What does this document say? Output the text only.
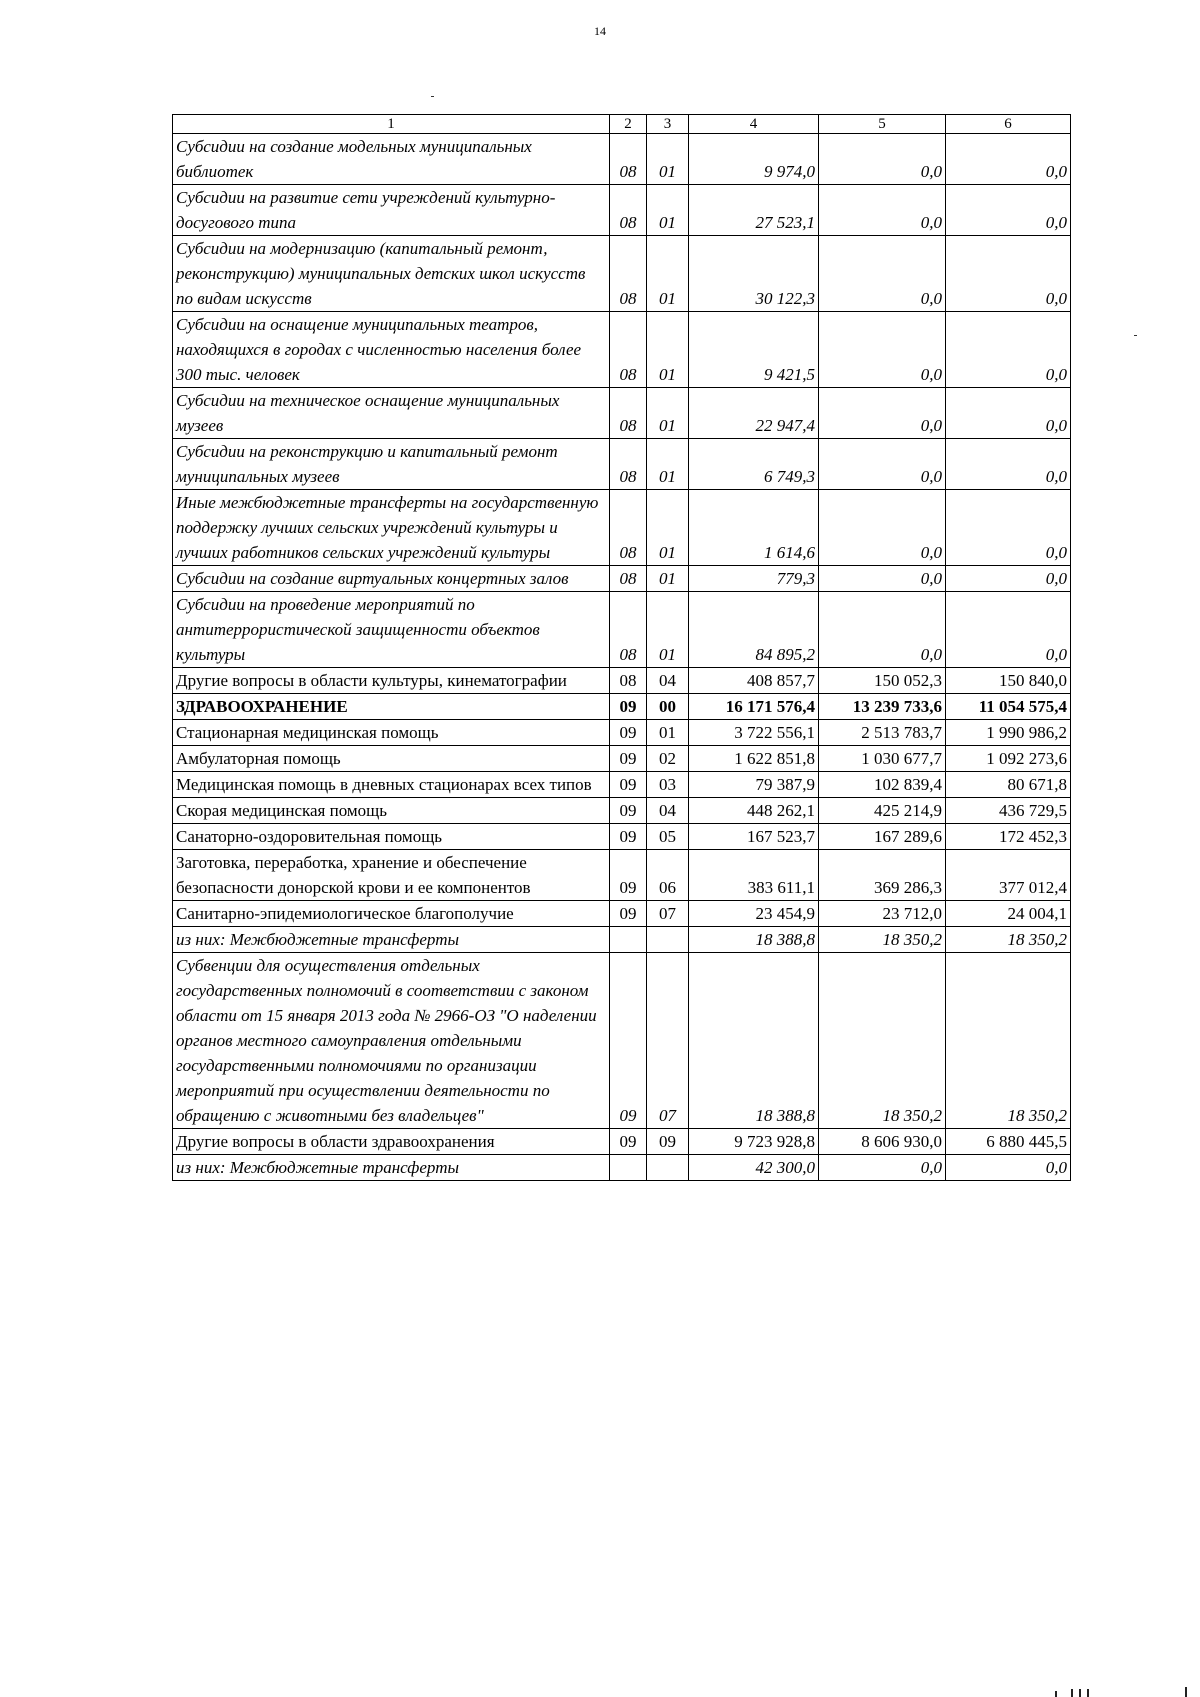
14
1	2	3	4	5	6
Субсидии на создание модельных муниципальных библиотек	08	01	9 974,0	0,0	0,0
Субсидии на развитие сети учреждений культурно-досугового типа	08	01	27 523,1	0,0	0,0
Субсидии на модернизацию (капитальный ремонт, реконструкцию) муниципальных детских школ искусств по видам искусств	08	01	30 122,3	0,0	0,0
Субсидии на оснащение муниципальных театров, находящихся в городах с численностью населения более 300 тыс. человек	08	01	9 421,5	0,0	0,0
Субсидии на техническое оснащение муниципальных музеев	08	01	22 947,4	0,0	0,0
Субсидии на реконструкцию и капитальный ремонт муниципальных музеев	08	01	6 749,3	0,0	0,0
Иные межбюджетные трансферты на государственную поддержку лучших сельских учреждений культуры и лучших работников сельских учреждений культуры	08	01	1 614,6	0,0	0,0
Субсидии на создание виртуальных концертных залов	08	01	779,3	0,0	0,0
Субсидии на проведение мероприятий по антитеррористической защищенности объектов культуры	08	01	84 895,2	0,0	0,0
Другие вопросы в области культуры, кинематографии	08	04	408 857,7	150 052,3	150 840,0
ЗДРАВООХРАНЕНИЕ	09	00	16 171 576,4	13 239 733,6	11 054 575,4
Стационарная медицинская помощь	09	01	3 722 556,1	2 513 783,7	1 990 986,2
Амбулаторная помощь	09	02	1 622 851,8	1 030 677,7	1 092 273,6
Медицинская помощь в дневных стационарах всех типов	09	03	79 387,9	102 839,4	80 671,8
Скорая медицинская помощь	09	04	448 262,1	425 214,9	436 729,5
Санаторно-оздоровительная помощь	09	05	167 523,7	167 289,6	172 452,3
Заготовка, переработка, хранение и обеспечение безопасности донорской крови и ее компонентов	09	06	383 611,1	369 286,3	377 012,4
Санитарно-эпидемиологическое благополучие	09	07	23 454,9	23 712,0	24 004,1
из них: Межбюджетные трансферты			18 388,8	18 350,2	18 350,2
Субвенции для осуществления отдельных государственных полномочий в соответствии с законом области от 15 января 2013 года № 2966-ОЗ "О наделении органов местного самоуправления отдельными государственными полномочиями по организации мероприятий при осуществлении деятельности по обращению с животными без владельцев"	09	07	18 388,8	18 350,2	18 350,2
Другие вопросы в области здравоохранения	09	09	9 723 928,8	8 606 930,0	6 880 445,5
из них: Межбюджетные трансферты			42 300,0	0,0	0,0
